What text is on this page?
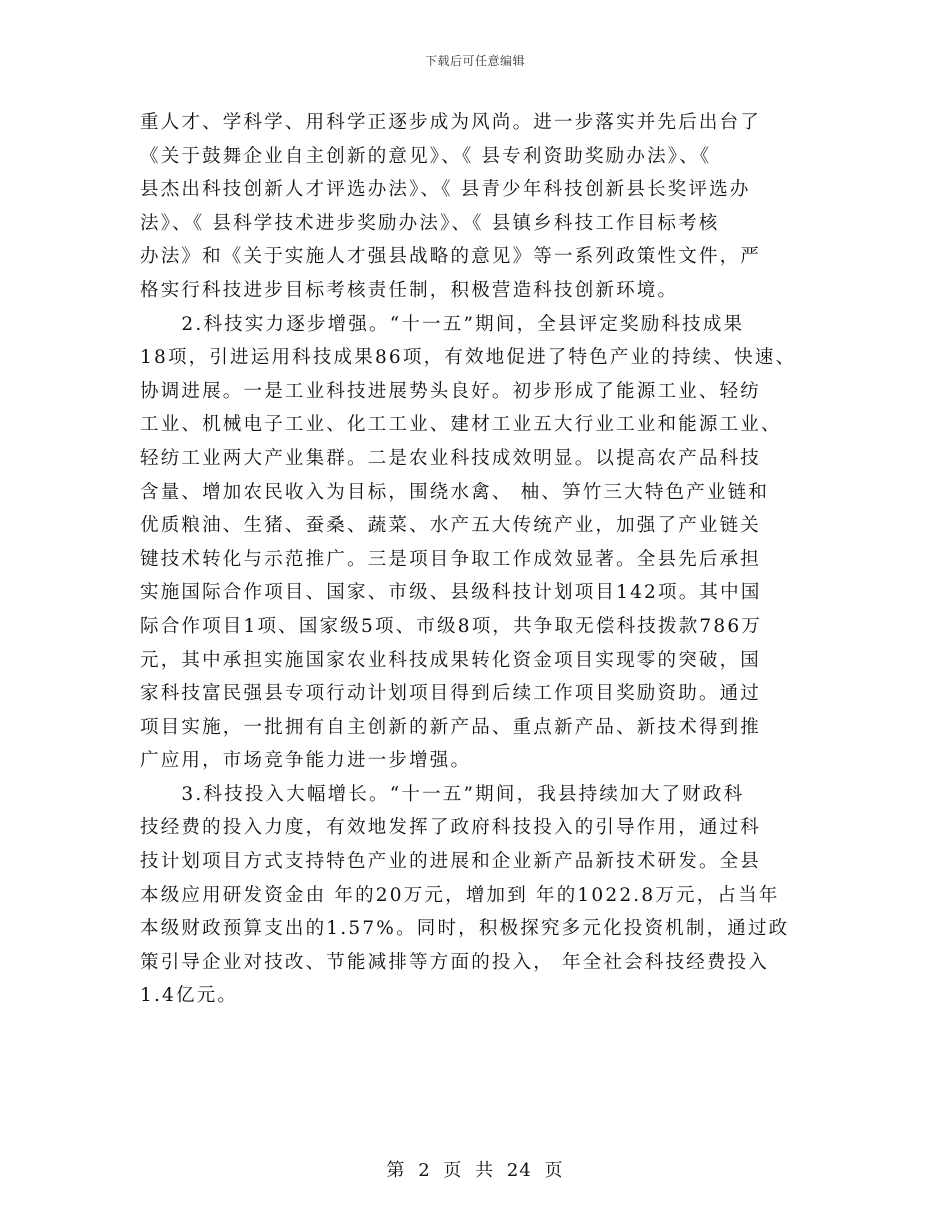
下载后可任意编辑
重人才、学科学、用科学正逐步成为风尚。进一步落实并先后出台了
《关于鼓舞企业自主创新的意见》、《 县专利资助奖励办法》、《
县杰出科技创新人才评选办法》、《 县青少年科技创新县长奖评选办
法》、《 县科学技术进步奖励办法》、《 县镇乡科技工作目标考核
办法》和《关于实施人才强县战略的意见》等一系列政策性文件，严
格实行科技进步目标考核责任制，积极营造科技创新环境。
　　2.科技实力逐步增强。“十一五”期间，全县评定奖励科技成果
18项，引进运用科技成果86项，有效地促进了特色产业的持续、快速、
协调进展。一是工业科技进展势头良好。初步形成了能源工业、轻纺
工业、机械电子工业、化工工业、建材工业五大行业工业和能源工业、
轻纺工业两大产业集群。二是农业科技成效明显。以提高农产品科技
含量、增加农民收入为目标，围绕水禽、 柚、笋竹三大特色产业链和
优质粮油、生猪、蚕桑、蔬菜、水产五大传统产业，加强了产业链关
键技术转化与示范推广。三是项目争取工作成效显著。全县先后承担
实施国际合作项目、国家、市级、县级科技计划项目142项。其中国
际合作项目1项、国家级5项、市级8项，共争取无偿科技拨款786万
元，其中承担实施国家农业科技成果转化资金项目实现零的突破，国
家科技富民强县专项行动计划项目得到后续工作项目奖励资助。通过
项目实施，一批拥有自主创新的新产品、重点新产品、新技术得到推
广应用，市场竞争能力进一步增强。
　　3.科技投入大幅增长。“十一五”期间，我县持续加大了财政科
技经费的投入力度，有效地发挥了政府科技投入的引导作用，通过科
技计划项目方式支持特色产业的进展和企业新产品新技术研发。全县
本级应用研发资金由 年的20万元，增加到 年的1022.8万元，占当年
本级财政预算支出的1.57%。同时，积极探究多元化投资机制，通过政
策引导企业对技改、节能减排等方面的投入， 年全社会科技经费投入
1.4亿元。
第 2 页 共 24 页
